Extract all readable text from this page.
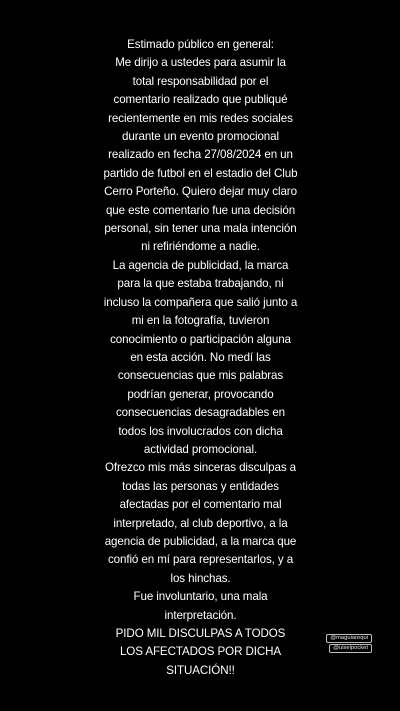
Estimado público en general:

Me dirijo a ustedes para asumir la total responsabilidad por el comentario realizado que publiqué recientemente en mis redes sociales durante un evento promocional realizado en fecha 27/08/2024 en un partido de futbol en el estadio del Club Cerro Porteño. Quiero dejar muy claro que este comentario fue una decisión personal, sin tener una mala intención ni refiriéndome a nadie.

La agencia de publicidad, la marca para la que estaba trabajando, ni incluso la compañera que salió junto a mi en la fotografía, tuvieron conocimiento o participación alguna en esta acción. No medí las consecuencias que mis palabras podrían generar, provocando consecuencias desagradables en todos los involucrados con dicha actividad promocional.

Ofrezco mis más sinceras disculpas a todas las personas y entidades afectadas por el comentario mal interpretado, al club deportivo, a la agencia de publicidad, a la marca que confió en mí para representarlos, y a los hinchas.

Fue involuntario, una mala interpretación.

PIDO MIL DISCULPAS A TODOS LOS AFECTADOS POR DICHA SITUACIÓN!!

@maguiarequi
@uiselpocket
